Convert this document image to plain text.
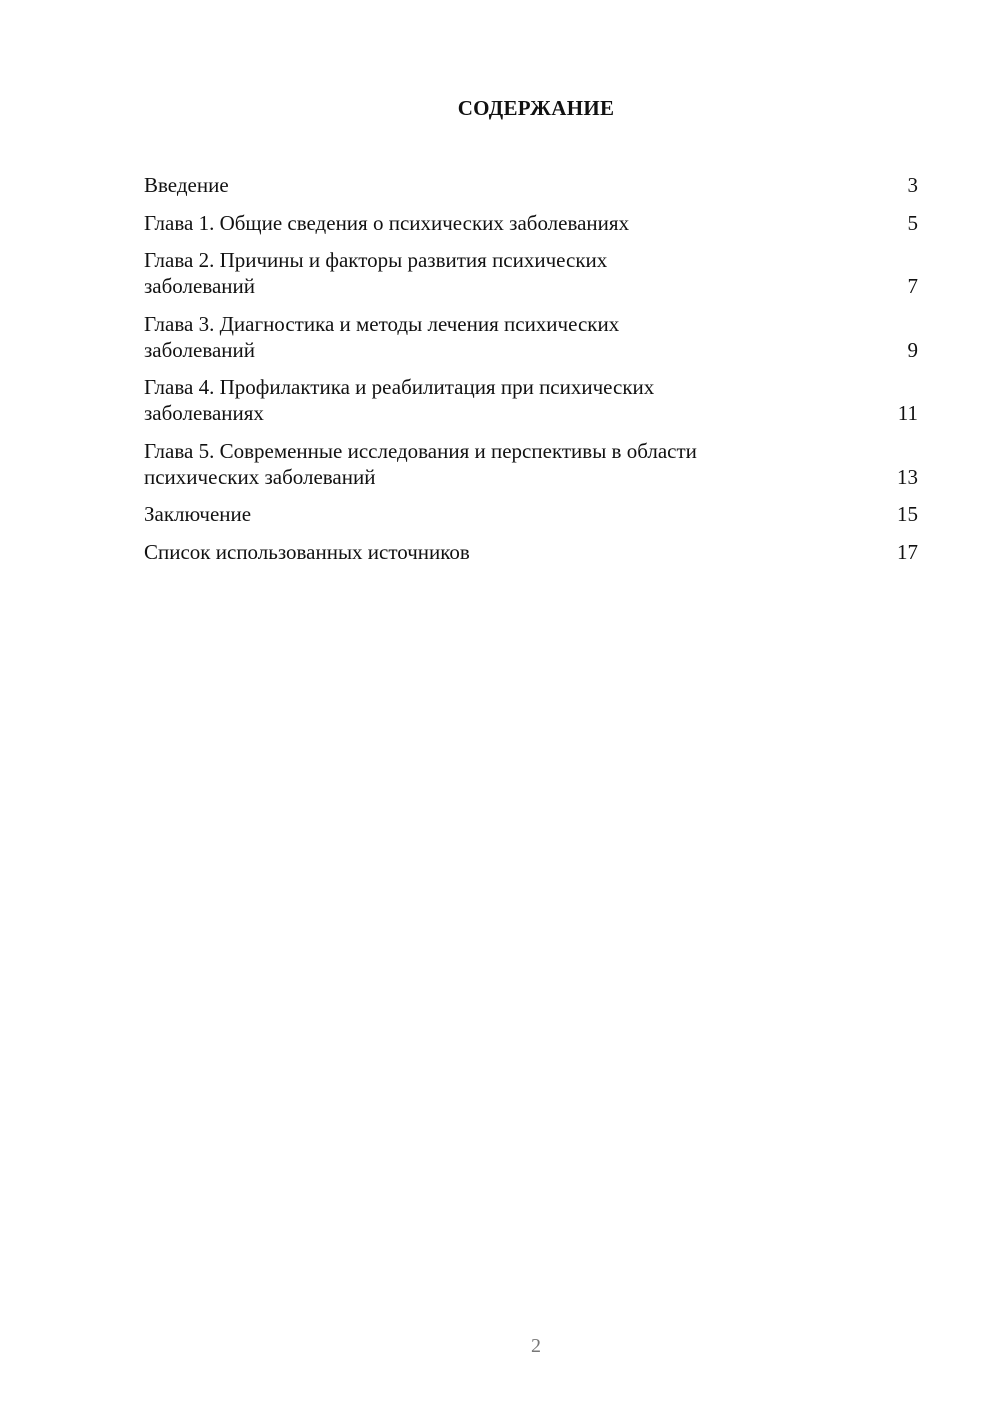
СОДЕРЖАНИЕ
Введение	3
Глава 1. Общие сведения о психических заболеваниях	5
Глава 2. Причины и факторы развития психических
заболеваний	7
Глава 3. Диагностика и методы лечения психических
заболеваний	9
Глава 4. Профилактика и реабилитация при психических
заболеваниях	11
Глава 5. Современные исследования и перспективы в области
психических заболеваний	13
Заключение	15
Список использованных источников	17
2
